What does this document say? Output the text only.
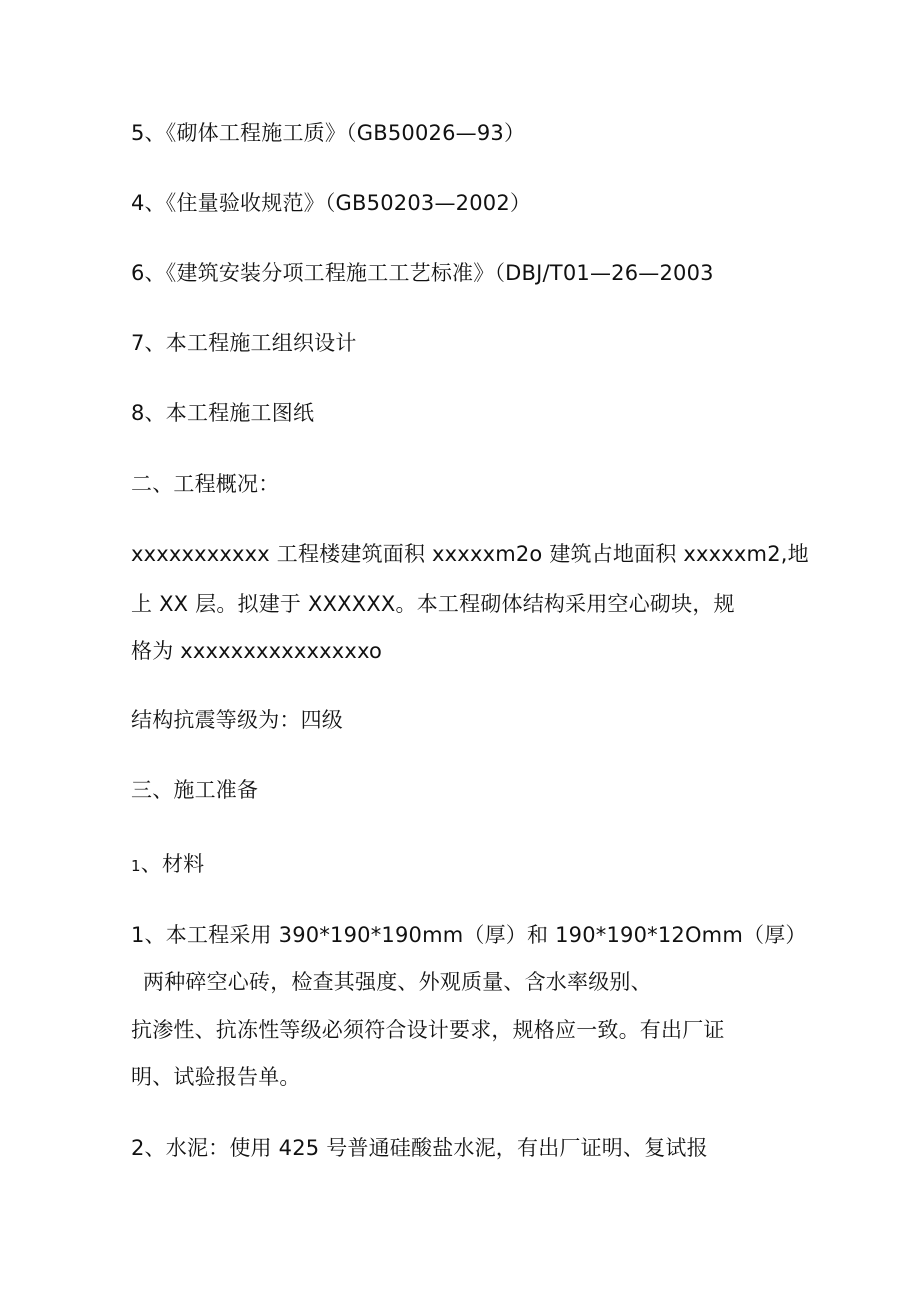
5、《砌体工程施工质》（GB50026—93）
4、《住量验收规范》（GB50203—2002）
6、《建筑安装分项工程施工工艺标准》（DBJ/T01—26—2003
7、本工程施工组织设计
8、本工程施工图纸
二、工程概况：
xxxxxxxxxxx 工程楼建筑面积 xxxxxm2o 建筑占地面积 xxxxxm2,地
上 XX 层。拟建于 XXXXXX。本工程砌体结构采用空心砌块，规
格为 xxxxxxxxxxxxxxxo
结构抗震等级为：四级
三、施工准备
1、材料
1、本工程采用 390*190*190mm（厚）和 190*190*12Omm（厚）
两种碎空心砖，检查其强度、外观质量、含水率级别、
抗渗性、抗冻性等级必须符合设计要求，规格应一致。有出厂证
明、试验报告单。
2、水泥：使用 425 号普通硅酸盐水泥，有出厂证明、复试报
